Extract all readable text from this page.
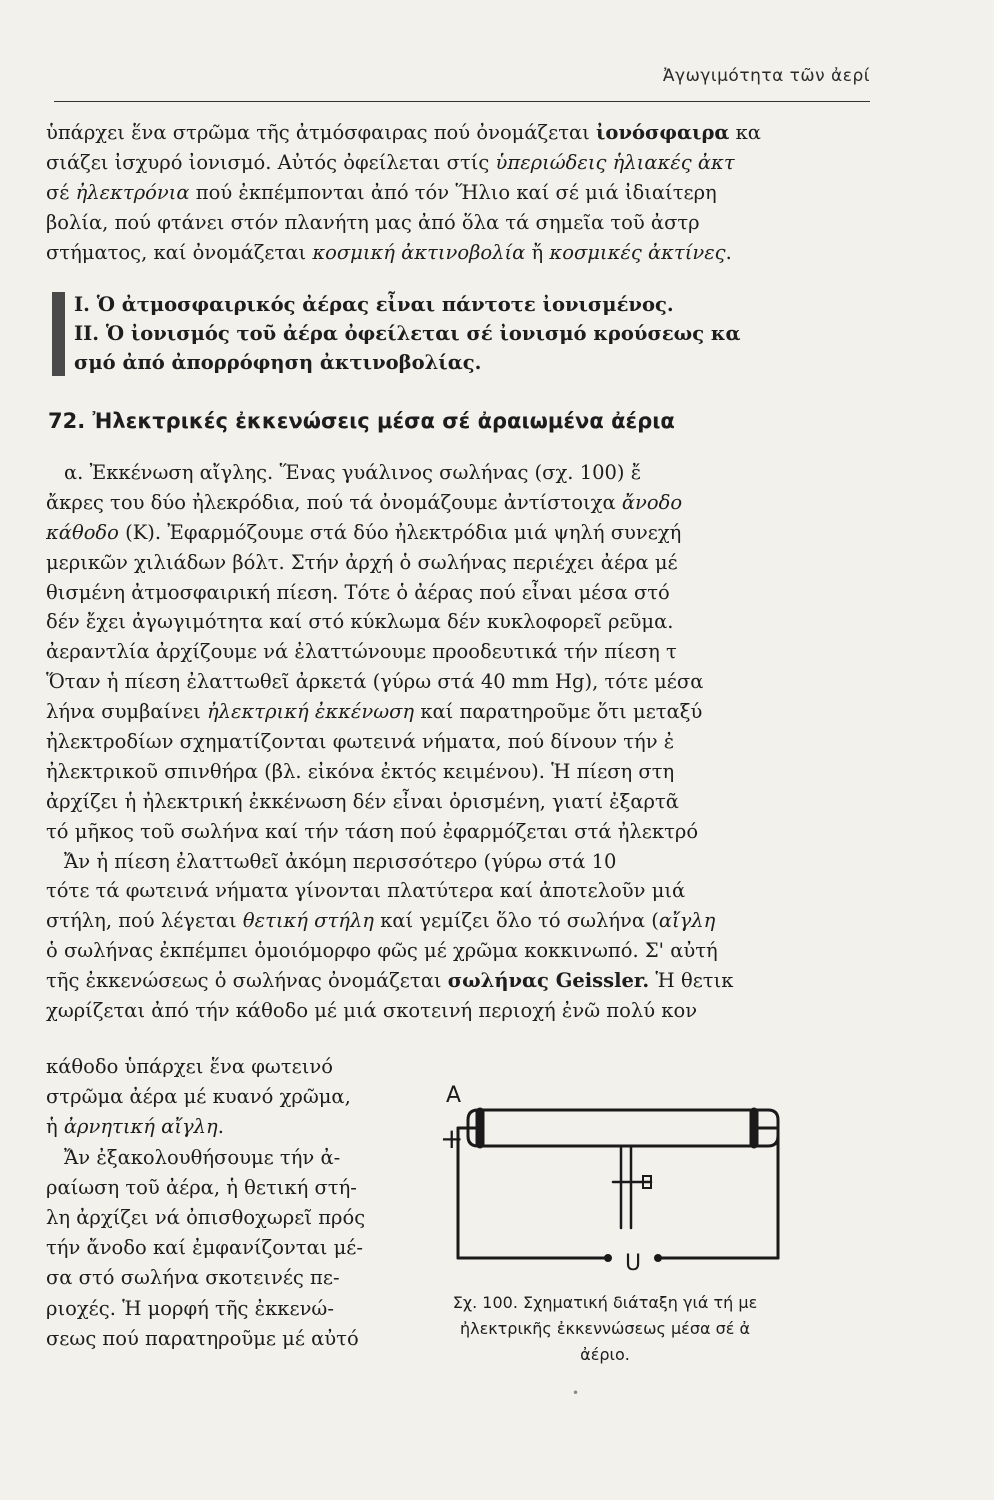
Ἀγωγιμότητα τῶν ἀερί
ὑπάρχει ἕνα στρῶμα τῆς ἀτμόσφαιρας πού ὀνομάζεται ἰονόσφαιρα κα
σιάζει ἰσχυρό ἰονισμό. Αὐτός ὀφείλεται στίς ὑπεριώδεις ἡλιακές ἀκτ
σέ ἠλεκτρόνια πού ἐκπέμπονται ἀπό τόν Ἥλιο καί σέ μιά ἰδιαίτερη
βολία, πού φτάνει στόν πλανήτη μας ἀπό ὅλα τά σημεῖα τοῦ ἀστρ
στήματος, καί ὀνομάζεται κοσμική ἀκτινοβολία ἤ κοσμικές ἀκτίνες.
Ι. Ὁ ἀτμοσφαιρικός ἀέρας εἶναι πάντοτε ἰονισμένος.
ΙΙ. Ὁ ἰονισμός τοῦ ἀέρα ὀφείλεται σέ ἰονισμό κρούσεως κα
σμό ἀπό ἀπορρόφηση ἀκτινοβολίας.
72. Ἠλεκτρικές ἐκκενώσεις μέσα σέ ἀραιωμένα ἀέρια
α. Ἐκκένωση αἴγλης. Ἕνας γυάλινος σωλήνας (σχ. 100) ἔ
ἄκρες του δύο ἠλεκρόδια, πού τά ὀνομάζουμε ἀντίστοιχα ἄνοδο
κάθοδο (Κ). Ἐφαρμόζουμε στά δύο ἠλεκτρόδια μιά ψηλή συνεχή
μερικῶν χιλιάδων βόλτ. Στήν ἀρχή ὁ σωλήνας περιέχει ἀέρα μέ
θισμένη ἀτμοσφαιρική πίεση. Τότε ὁ ἀέρας πού εἶναι μέσα στό
δέν ἔχει ἀγωγιμότητα καί στό κύκλωμα δέν κυκλοφορεῖ ρεῦμα.
ἀεραντλία ἀρχίζουμε νά ἐλαττώνουμε προοδευτικά τήν πίεση τ
Ὅταν ἡ πίεση ἐλαττωθεῖ ἀρκετά (γύρω στά 40 mm Hg), τότε μέσα
λήνα συμβαίνει ἠλεκτρική ἐκκένωση καί παρατηροῦμε ὅτι μεταξύ
ἠλεκτροδίων σχηματίζονται φωτεινά νήματα, πού δίνουν τήν ἐ
ἠλεκτρικοῦ σπινθήρα (βλ. εἰκόνα ἐκτός κειμένου). Ἡ πίεση στη
ἀρχίζει ἡ ἠλεκτρική ἐκκένωση δέν εἶναι ὁρισμένη, γιατί ἐξαρτᾶ
τό μῆκος τοῦ σωλήνα καί τήν τάση πού ἐφαρμόζεται στά ἠλεκτρό
Ἄν ἡ πίεση ἐλαττωθεῖ ἀκόμη περισσότερο (γύρω στά 10
τότε τά φωτεινά νήματα γίνονται πλατύτερα καί ἀποτελοῦν μιά
στήλη, πού λέγεται θετική στήλη καί γεμίζει ὅλο τό σωλήνα (αἴγλη
ὁ σωλήνας ἐκπέμπει ὁμοιόμορφο φῶς μέ χρῶμα κοκκινωπό. Σ' αὐτή
τῆς ἐκκενώσεως ὁ σωλήνας ὀνομάζεται σωλήνας Geissler. Ἡ θετικ
χωρίζεται ἀπό τήν κάθοδο μέ μιά σκοτεινή περιοχή ἐνῶ πολύ κον
κάθοδο ὑπάρχει ἕνα φωτεινό
στρῶμα ἀέρα μέ κυανό χρῶμα,
ἡ ἀρνητική αἴγλη.
Ἄν ἐξακολουθήσουμε τήν ἀ-
ραίωση τοῦ ἀέρα, ἡ θετική στή-
λη ἀρχίζει νά ὀπισθοχωρεῖ πρός
τήν ἄνοδο καί ἐμφανίζονται μέ-
σα στό σωλήνα σκοτεινές πε-
ριοχές. Ἡ μορφή τῆς ἐκκενώ-
σεως πού παρατηροῦμε μέ αὐτό
A
+
U
Σχ. 100. Σχηματική διάταξη γιά τή με
ἠλεκτρικῆς ἐκκεννώσεως μέσα σέ ἀ
ἀέριο.
•
